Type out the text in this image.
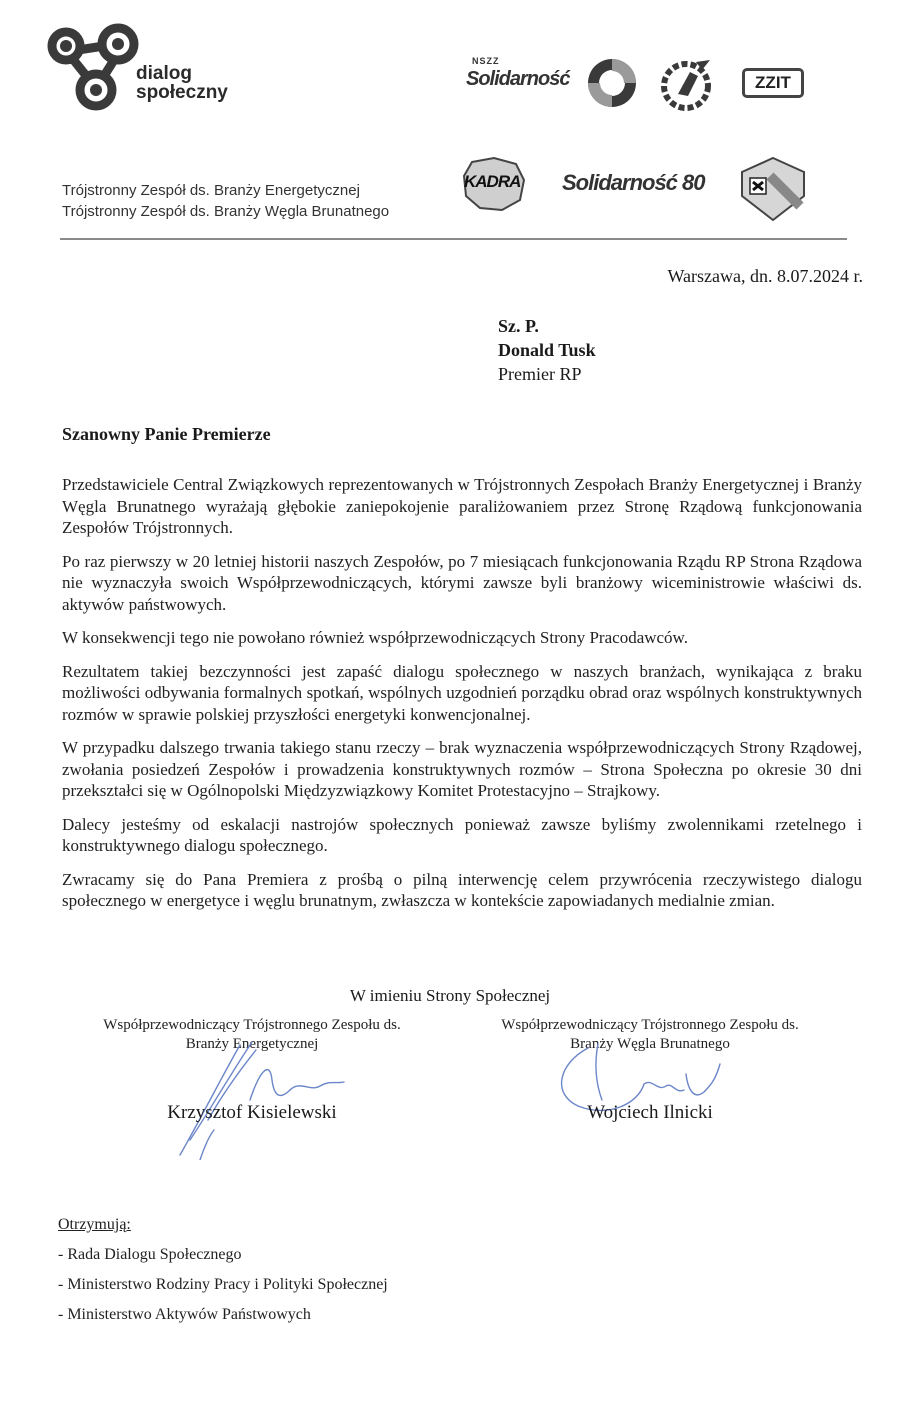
dialog
społeczny
NSZZ
Solidarność	ZZIT
KADRA Solidarność 80
Trójstronny Zespół ds. Branży Energetycznej
Trójstronny Zespół ds. Branży Węgla Brunatnego
Warszawa, dn. 8.07.2024 r.
Sz. P.
Donald Tusk
Premier RP
Szanowny Panie Premierze

Przedstawiciele Central Związkowych reprezentowanych w Trójstronnych Zespołach Branży Energetycznej i Branży Węgla Brunatnego wyrażają głębokie zaniepokojenie paraliżowaniem przez Stronę Rządową funkcjonowania Zespołów Trójstronnych.

Po raz pierwszy w 20 letniej historii naszych Zespołów, po 7 miesiącach funkcjonowania Rządu RP Strona Rządowa nie wyznaczyła swoich Współprzewodniczących, którymi zawsze byli branżowy wiceministrowie właściwi ds. aktywów państwowych.

W konsekwencji tego nie powołano również współprzewodniczących Strony Pracodawców.

Rezultatem takiej bezczynności jest zapaść dialogu społecznego w naszych branżach, wynikająca z braku możliwości odbywania formalnych spotkań, wspólnych uzgodnień porządku obrad oraz wspólnych konstruktywnych rozmów w sprawie polskiej przyszłości energetyki konwencjonalnej.

W przypadku dalszego trwania takiego stanu rzeczy – brak wyznaczenia współprzewodniczących Strony Rządowej, zwołania posiedzeń Zespołów i prowadzenia konstruktywnych rozmów – Strona Społeczna po okresie 30 dni przekształci się w Ogólnopolski Międzyzwiązkowy Komitet Protestacyjno – Strajkowy.

Dalecy jesteśmy od eskalacji nastrojów społecznych ponieważ zawsze byliśmy zwolennikami rzetelnego i konstruktywnego dialogu społecznego.

Zwracamy się do Pana Premiera z prośbą o pilną interwencję celem przywrócenia rzeczywistego dialogu społecznego w energetyce i węglu brunatnym, zwłaszcza w kontekście zapowiadanych medialnie zmian.

W imieniu Strony Społecznej
Współprzewodniczący Trójstronnego Zespołu ds.
Branży Energetycznej
Współprzewodniczący Trójstronnego Zespołu ds.
Branży Węgla Brunatnego
Krzysztof Kisielewski	Wojciech Ilnicki
Otrzymują:
- Rada Dialogu Społecznego
- Ministerstwo Rodziny Pracy i Polityki Społecznej
- Ministerstwo Aktywów Państwowych
